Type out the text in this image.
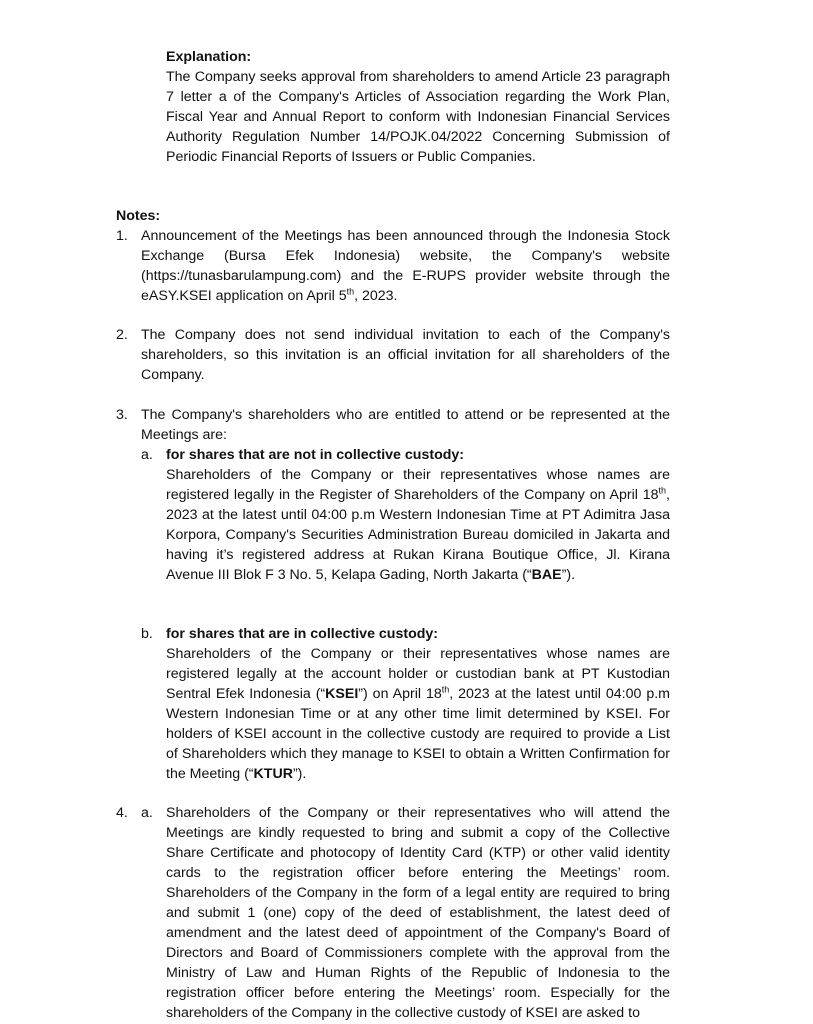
Explanation:
The Company seeks approval from shareholders to amend Article 23 paragraph 7 letter a of the Company's Articles of Association regarding the Work Plan, Fiscal Year and Annual Report to conform with Indonesian Financial Services Authority Regulation Number 14/POJK.04/2022 Concerning Submission of Periodic Financial Reports of Issuers or Public Companies.
Notes:
1. Announcement of the Meetings has been announced through the Indonesia Stock Exchange (Bursa Efek Indonesia) website, the Company's website (https://tunasbarulampung.com) and the E-RUPS provider website through the eASY.KSEI application on April 5th, 2023.
2. The Company does not send individual invitation to each of the Company's shareholders, so this invitation is an official invitation for all shareholders of the Company.
3. The Company's shareholders who are entitled to attend or be represented at the Meetings are:
a. for shares that are not in collective custody:
Shareholders of the Company or their representatives whose names are registered legally in the Register of Shareholders of the Company on April 18th, 2023 at the latest until 04:00 p.m Western Indonesian Time at PT Adimitra Jasa Korpora, Company's Securities Administration Bureau domiciled in Jakarta and having it’s registered address at Rukan Kirana Boutique Office, Jl. Kirana Avenue III Blok F 3 No. 5, Kelapa Gading, North Jakarta (“BAE”).
b. for shares that are in collective custody:
Shareholders of the Company or their representatives whose names are registered legally at the account holder or custodian bank at PT Kustodian Sentral Efek Indonesia (“KSEI”) on April 18th, 2023 at the latest until 04:00 p.m Western Indonesian Time or at any other time limit determined by KSEI. For holders of KSEI account in the collective custody are required to provide a List of Shareholders which they manage to KSEI to obtain a Written Confirmation for the Meeting (“KTUR”).
4. a. Shareholders of the Company or their representatives who will attend the Meetings are kindly requested to bring and submit a copy of the Collective Share Certificate and photocopy of Identity Card (KTP) or other valid identity cards to the registration officer before entering the Meetings’ room. Shareholders of the Company in the form of a legal entity are required to bring and submit 1 (one) copy of the deed of establishment, the latest deed of amendment and the latest deed of appointment of the Company's Board of Directors and Board of Commissioners complete with the approval from the Ministry of Law and Human Rights of the Republic of Indonesia to the registration officer before entering the Meetings’ room. Especially for the shareholders of the Company in the collective custody of KSEI are asked to
